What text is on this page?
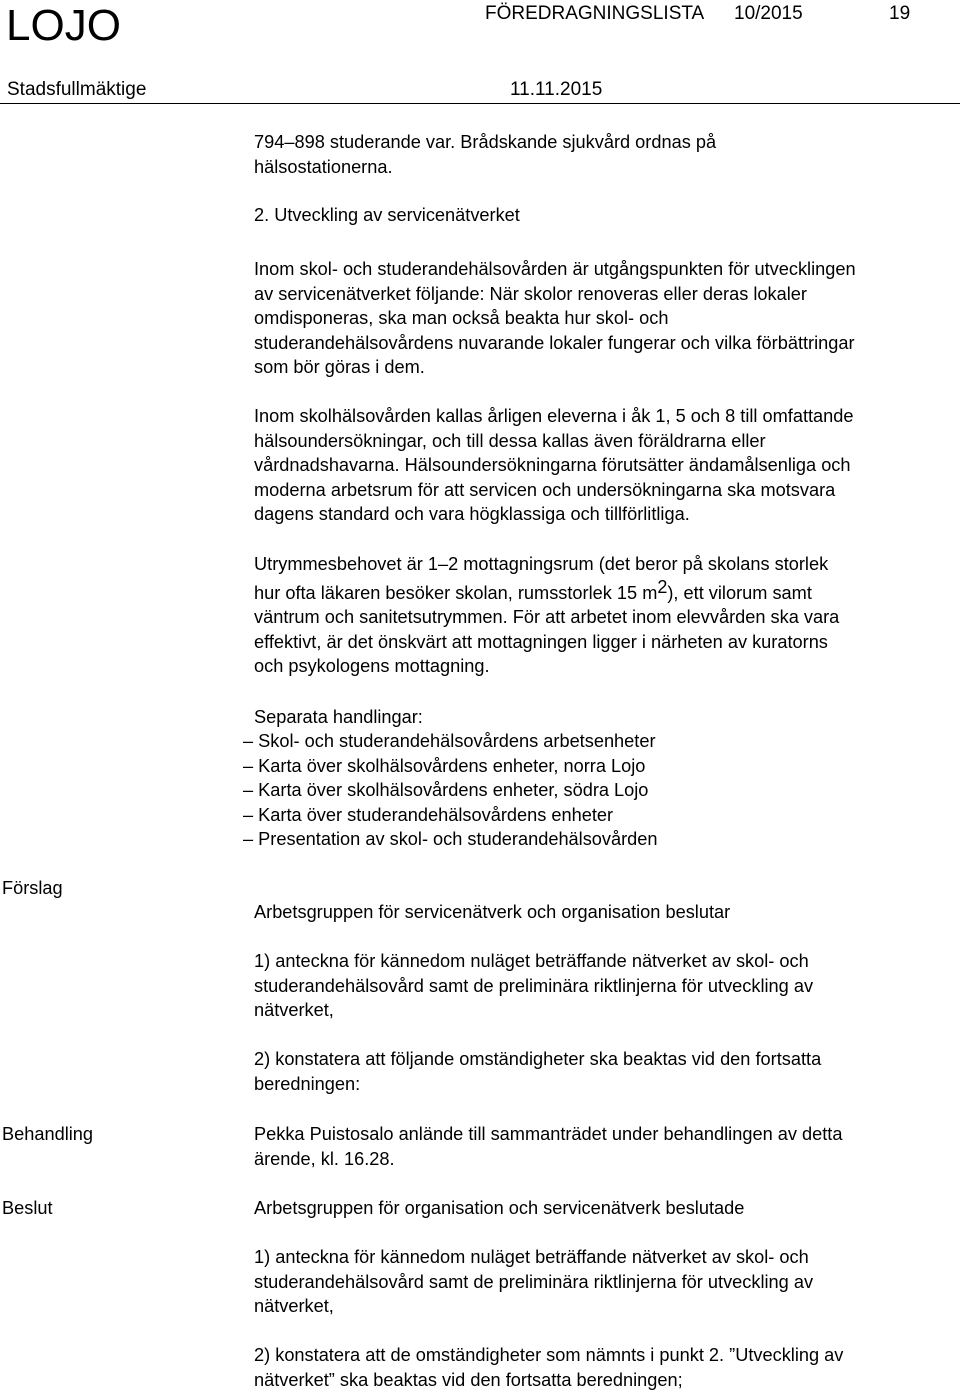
LOJO	FÖREDRAGNINGSLISTA 10/2015	19
Stadsfullmäktige	11.11.2015
794–898 studerande var. Brådskande sjukvård ordnas på
hälsostationerna.
2. Utveckling av servicenätverket
Inom skol- och studerandehälsovården är utgångspunkten för utvecklingen
av servicenätverket följande: När skolor renoveras eller deras lokaler
omdisponeras, ska man också beakta hur skol- och
studerandehälsovårdens nuvarande lokaler fungerar och vilka förbättringar
som bör göras i dem.
Inom skolhälsovården kallas årligen eleverna i åk 1, 5 och 8 till omfattande
hälsoundersökningar, och till dessa kallas även föräldrarna eller
vårdnadshavarna. Hälsoundersökningarna förutsätter ändamålsenliga och
moderna arbetsrum för att servicen och undersökningarna ska motsvara
dagens standard och vara högklassiga och tillförlitliga.
Utrymmesbehovet är 1–2 mottagningsrum (det beror på skolans storlek
hur ofta läkaren besöker skolan, rumsstorlek 15 $m^2$), ett vilorum samt
väntrum och sanitetsutrymmen. För att arbetet inom elevvården ska vara
effektivt, är det önskvärt att mottagningen ligger i närheten av kuratorns
och psykologens mottagning.
Separata handlingar:
– Skol- och studerandehälsovårdens arbetsenheter
– Karta över skolhälsovårdens enheter, norra Lojo
– Karta över skolhälsovårdens enheter, södra Lojo
– Karta över studerandehälsovårdens enheter
– Presentation av skol- och studerandehälsovården
Förslag
Arbetsgruppen för servicenätverk och organisation beslutar
1) anteckna för kännedom nuläget beträffande nätverket av skol- och
studerandehälsovård samt de preliminära riktlinjerna för utveckling av
nätverket,
2) konstatera att följande omständigheter ska beaktas vid den fortsatta
beredningen:
Behandling	Pekka Puistosalo anlände till sammanträdet under behandlingen av detta
ärende, kl. 16.28.
Beslut	Arbetsgruppen för organisation och servicenätverk beslutade
1) anteckna för kännedom nuläget beträffande nätverket av skol- och
studerandehälsovård samt de preliminära riktlinjerna för utveckling av
nätverket,
2) konstatera att de omständigheter som nämnts i punkt 2. ”Utveckling av
nätverket” ska beaktas vid den fortsatta beredningen;
